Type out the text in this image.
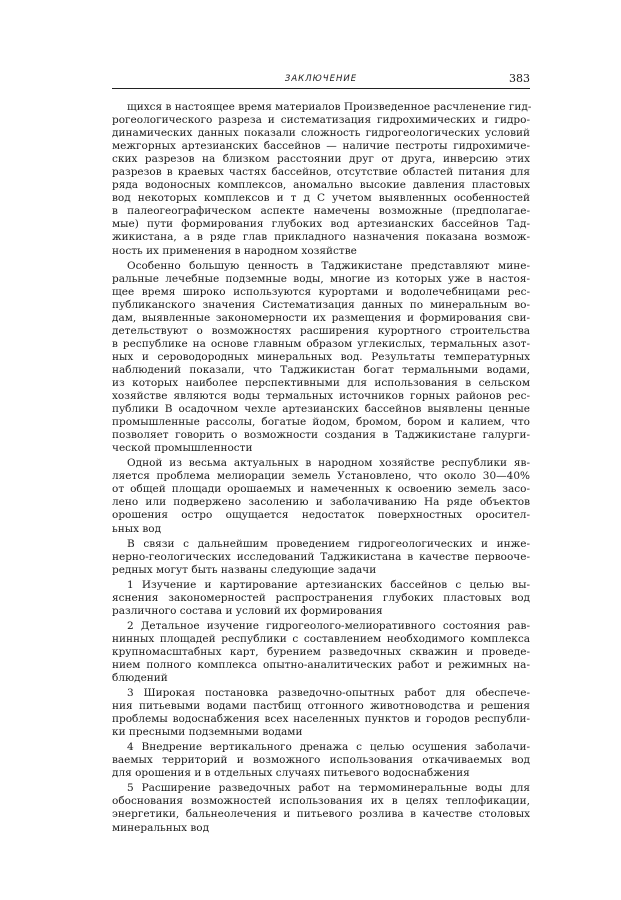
ЗАКЛЮЧЕНИЕ	383
щихся в настоящее время материалов Произведенное расчленение гид-
рогеологического разреза и систематизация гидрохимических и гидро-
динамических данных показали сложность гидрогеологических условий
межгорных артезианских бассейнов — наличие пестроты гидрохимиче-
ских разрезов на близком расстоянии друг от друга, инверсию этих
разрезов в краевых частях бассейнов, отсутствие областей питания для
ряда водоносных комплексов, аномально высокие давления пластовых
вод некоторых комплексов и т д С учетом выявленных особенностей
в палеогеографическом аспекте намечены возможные (предполагае-
мые) пути формирования глубоких вод артезианских бассейнов Тад-
жикистана, а в ряде глав прикладного назначения показана возмож-
ность их применения в народном хозяйстве
Особенно большую ценность в Таджикистане представляют мине-
ральные лечебные подземные воды, многие из которых уже в настоя-
щее время широко используются курортами и водолечебницами рес-
публиканского значения Систематизация данных по минеральным во-
дам, выявленные закономерности их размещения и формирования сви-
детельствуют о возможностях расширения курортного строительства
в республике на основе главным образом углекислых, термальных азот-
ных и сероводородных минеральных вод. Результаты температурных
наблюдений показали, что Таджикистан богат термальными водами,
из которых наиболее перспективными для использования в сельском
хозяйстве являются воды термальных источников горных районов рес-
публики В осадочном чехле артезианских бассейнов выявлены ценные
промышленные рассолы, богатые йодом, бромом, бором и калием, что
позволяет говорить о возможности создания в Таджикистане галурги-
ческой промышленности
Одной из весьма актуальных в народном хозяйстве республики яв-
ляется проблема мелиорации земель Установлено, что около 30—40%
от общей площади орошаемых и намеченных к освоению земель засо-
лено или подвержено засолению и заболачиванию На ряде объектов
орошения остро ощущается недостаток поверхностных оросител-
ьных вод
В связи с дальнейшим проведением гидрогеологических и инже-
нерно-геологических исследований Таджикистана в качестве первооче-
редных могут быть названы следующие задачи
1 Изучение и картирование артезианских бассейнов с целью вы-
яснения закономерностей распространения глубоких пластовых вод
различного состава и условий их формирования
2 Детальное изучение гидрогеолого-мелиоративного состояния рав-
нинных площадей республики с составлением необходимого комплекса
крупномасштабных карт, бурением разведочных скважин и проведе-
нием полного комплекса опытно-аналитических работ и режимных на-
блюдений
3 Широкая постановка разведочно-опытных работ для обеспече-
ния питьевыми водами пастбищ отгонного животноводства и решения
проблемы водоснабжения всех населенных пунктов и городов республи-
ки пресными подземными водами
4 Внедрение вертикального дренажа с целью осушения заболачи-
ваемых территорий и возможного использования откачиваемых вод
для орошения и в отдельных случаях питьевого водоснабжения
5 Расширение разведочных работ на термоминеральные воды для
обоснования возможностей использования их в целях теплофикации,
энергетики, бальнеолечения и питьевого розлива в качестве столовых
минеральных вод
